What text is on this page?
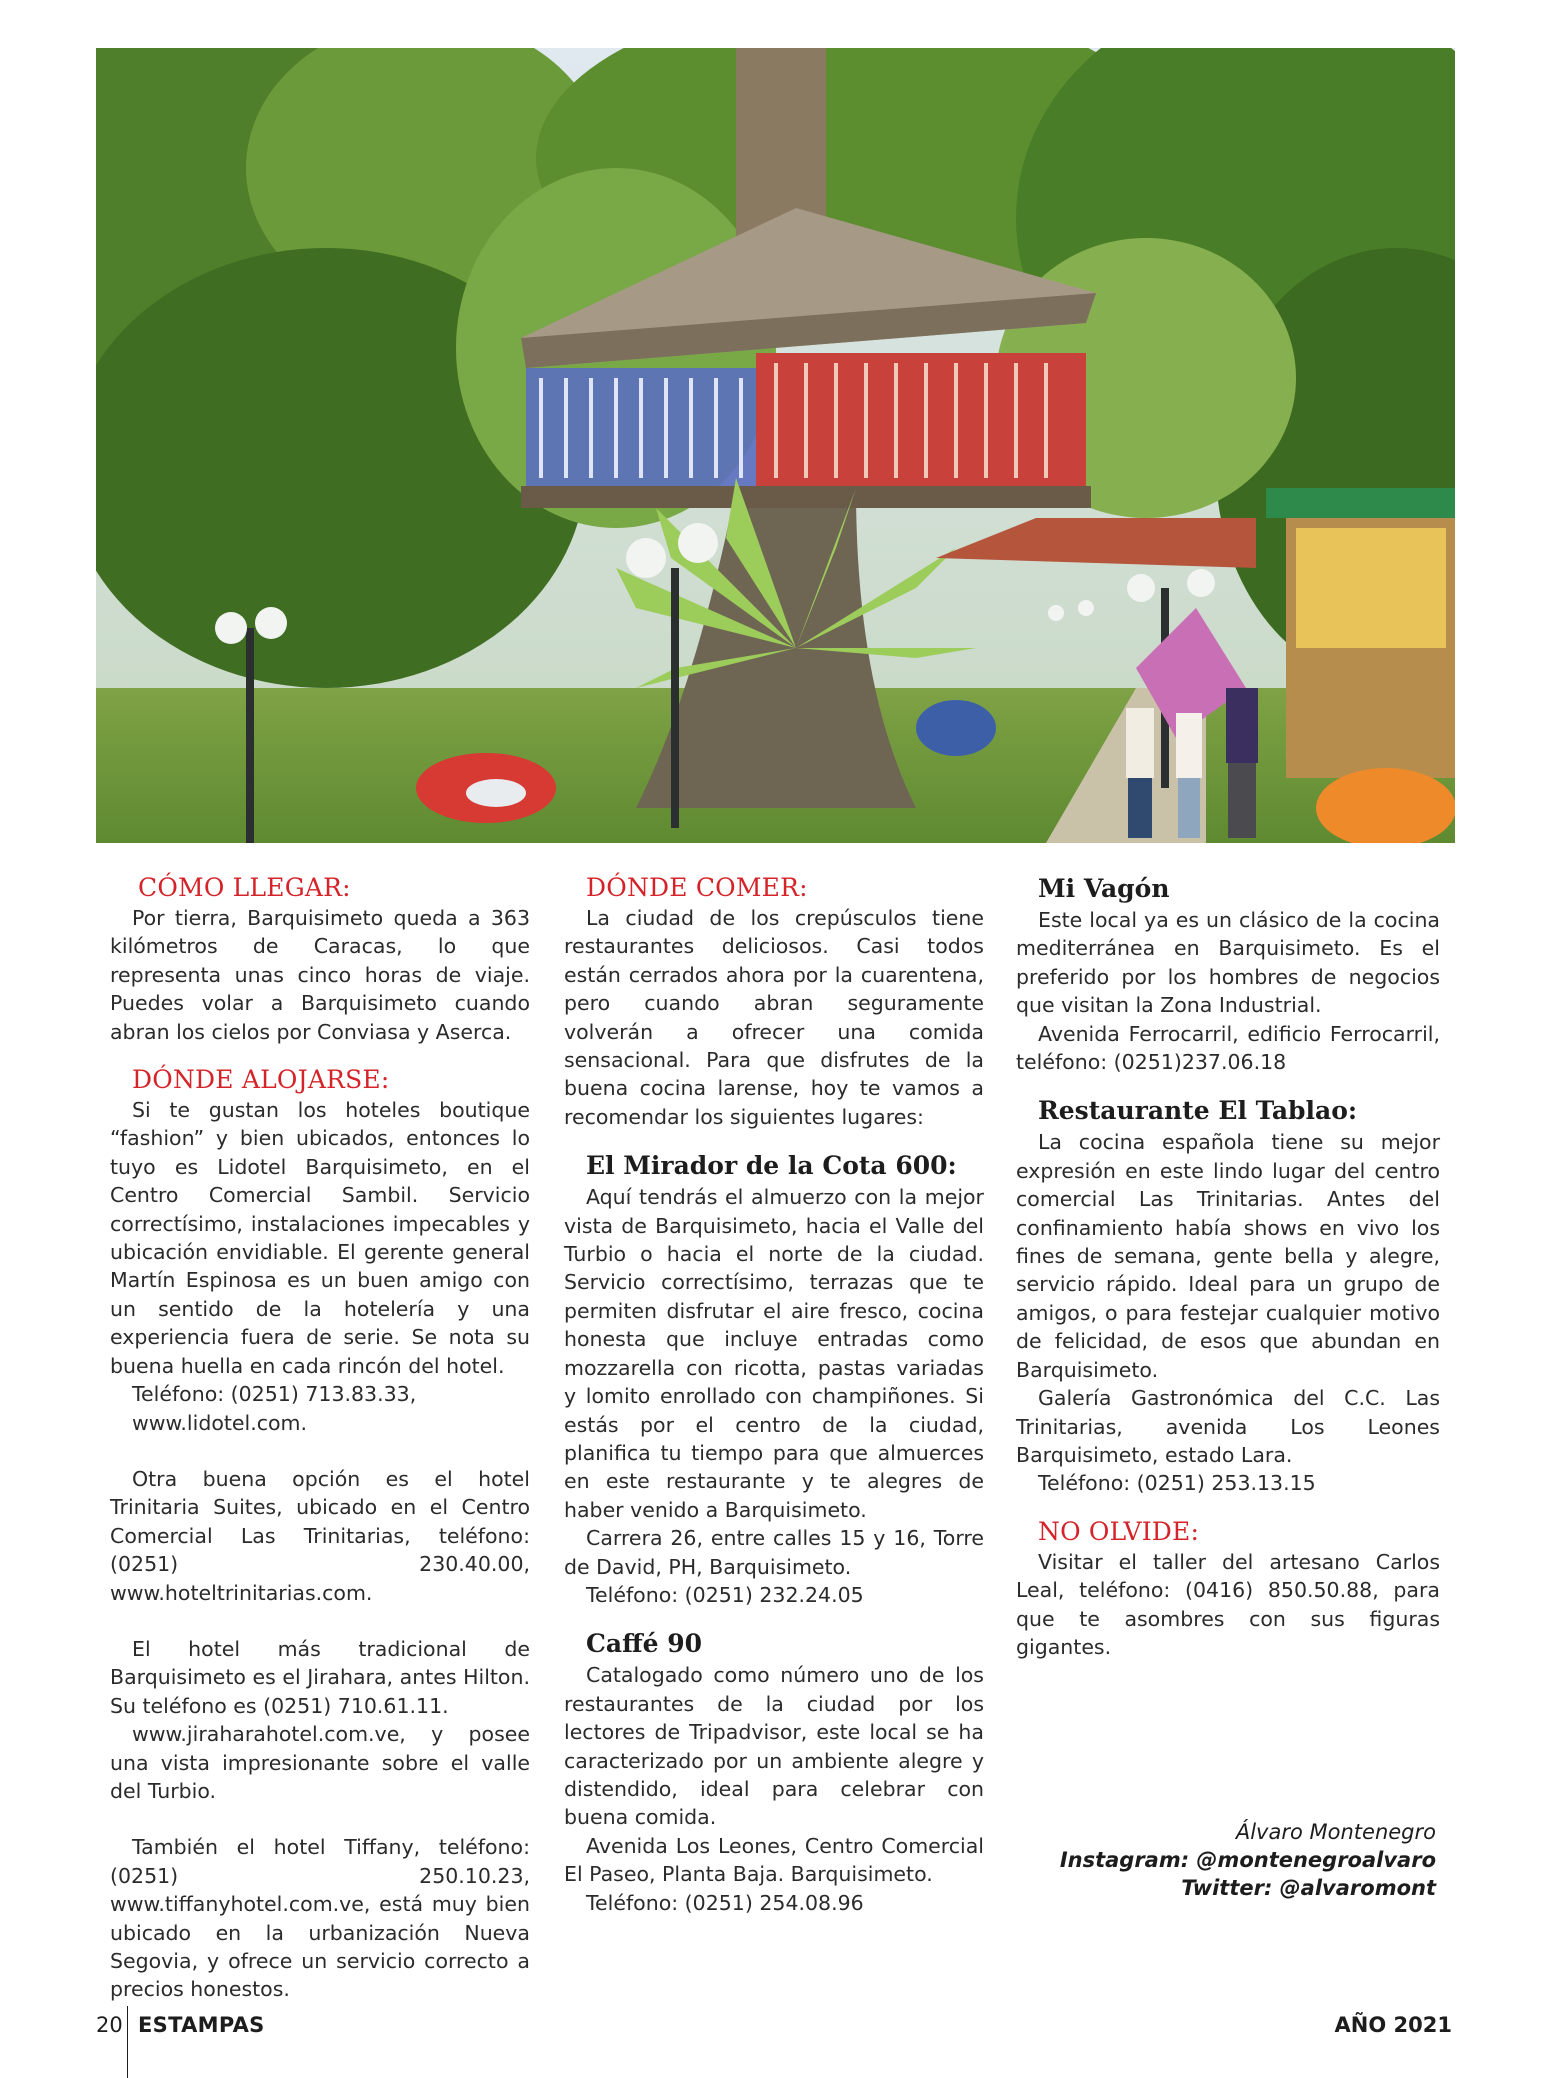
CÓMO LLEGAR:

Por tierra, Barquisimeto queda a 363 kilómetros de Caracas, lo que representa unas cinco horas de viaje. Puedes volar a Barquisimeto cuando abran los cielos por Conviasa y Aserca.

DÓNDE ALOJARSE:

Si te gustan los hoteles boutique “fashion” y bien ubicados, entonces lo tuyo es Lidotel Barquisimeto, en el Centro Comercial Sambil. Servicio correctísimo, instalaciones impecables y ubicación envidiable. El gerente general Martín Espinosa es un buen amigo con un sentido de la hotelería y una experiencia fuera de serie. Se nota su buena huella en cada rincón del hotel.

Teléfono: (0251) 713.83.33,

www.lidotel.com.

Otra buena opción es el hotel Trinitaria Suites, ubicado en el Centro Comercial Las Trinitarias, teléfono: (0251) 230.40.00, www.hoteltrinitarias.com.

El hotel más tradicional de Barquisimeto es el Jirahara, antes Hilton. Su teléfono es (0251) 710.61.11.

www.jiraharahotel.com.ve, y posee una vista impresionante sobre el valle del Turbio.

También el hotel Tiffany, teléfono: (0251) 250.10.23, www.tiffanyhotel.com.ve, está muy bien ubicado en la urbanización Nueva Segovia, y ofrece un servicio correcto a precios honestos.

DÓNDE COMER:

La ciudad de los crepúsculos tiene restaurantes deliciosos. Casi todos están cerrados ahora por la cuarentena, pero cuando abran seguramente volverán a ofrecer una comida sensacional. Para que disfrutes de la buena cocina larense, hoy te vamos a recomendar los siguientes lugares:

El Mirador de la Cota 600:

Aquí tendrás el almuerzo con la mejor vista de Barquisimeto, hacia el Valle del Turbio o hacia el norte de la ciudad. Servicio correctísimo, terrazas que te permiten disfrutar el aire fresco, cocina honesta que incluye entradas como mozzarella con ricotta, pastas variadas y lomito enrollado con champiñones. Si estás por el centro de la ciudad, planifica tu tiempo para que almuerces en este restaurante y te alegres de haber venido a Barquisimeto.

Carrera 26, entre calles 15 y 16, Torre de David, PH, Barquisimeto.

Teléfono: (0251) 232.24.05

Caffé 90

Catalogado como número uno de los restaurantes de la ciudad por los lectores de Tripadvisor, este local se ha caracterizado por un ambiente alegre y distendido, ideal para celebrar con buena comida.

Avenida Los Leones, Centro Comercial El Paseo, Planta Baja. Barquisimeto.

Teléfono: (0251) 254.08.96

Mi Vagón

Este local ya es un clásico de la cocina mediterránea en Barquisimeto. Es el preferido por los hombres de negocios que visitan la Zona Industrial.

Avenida Ferrocarril, edificio Ferrocarril, teléfono: (0251)237.06.18

Restaurante El Tablao:

La cocina española tiene su mejor expresión en este lindo lugar del centro comercial Las Trinitarias. Antes del confinamiento había shows en vivo los fines de semana, gente bella y alegre, servicio rápido. Ideal para un grupo de amigos, o para festejar cualquier motivo de felicidad, de esos que abundan en Barquisimeto.

Galería Gastronómica del C.C. Las Trinitarias, avenida Los Leones Barquisimeto, estado Lara.

Teléfono: (0251) 253.13.15

NO OLVIDE:

Visitar el taller del artesano Carlos Leal, teléfono: (0416) 850.50.88, para que te asombres con sus figuras gigantes.

Álvaro Montenegro
Instagram: @montenegroalvaro
Twitter: @alvaromont
20 ESTAMPAS	AÑO 2021
